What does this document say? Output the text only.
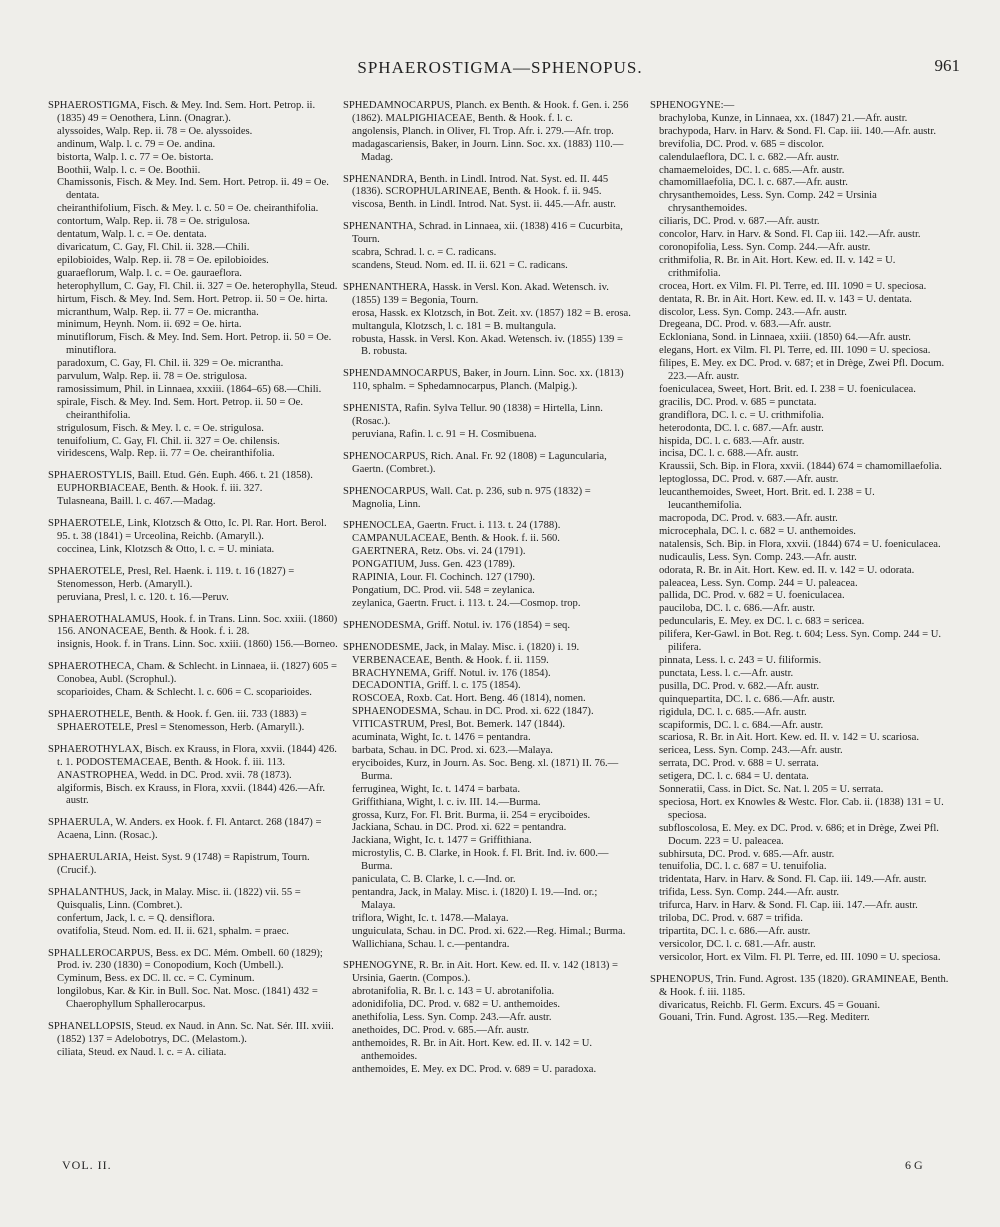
SPHAEROSTIGMA—SPHENOPUS.	961
SPHAEROSTIGMA, Fisch. & Mey. Ind. Sem. Hort. Petrop. ii. (1835) 49 = Oenothera, Linn. (Onagrar.).
alyssoides, Walp. Rep. ii. 78 = Oe. alyssoides.
andinum, Walp. l. c. 79 = Oe. andina.
bistorta, Walp. l. c. 77 = Oe. bistorta.
Boothii, Walp. l. c. = Oe. Boothii.
Chamissonis, Fisch. & Mey. Ind. Sem. Hort. Petrop. ii. 49 = Oe. dentata.
cheiranthifolium, Fisch. & Mey. l. c. 50 = Oe. cheiranthifolia.
contortum, Walp. Rep. ii. 78 = Oe. strigulosa.
dentatum, Walp. l. c. = Oe. dentata.
divaricatum, C. Gay, Fl. Chil. ii. 328.—Chili.
epilobioides, Walp. Rep. ii. 78 = Oe. epilobioides.
guaraeflorum, Walp. l. c. = Oe. gauraeflora.
heterophyllum, C. Gay, Fl. Chil. ii. 327 = Oe. heterophylla, Steud.
hirtum, Fisch. & Mey. Ind. Sem. Hort. Petrop. ii. 50 = Oe. hirta.
micranthum, Walp. Rep. ii. 77 = Oe. micrantha.
minimum, Heynh. Nom. ii. 692 = Oe. hirta.
minutiflorum, Fisch. & Mey. Ind. Sem. Hort. Petrop. ii. 50 = Oe. minutiflora.
paradoxum, C. Gay, Fl. Chil. ii. 329 = Oe. micrantha.
parvulum, Walp. Rep. ii. 78 = Oe. strigulosa.
ramosissimum, Phil. in Linnaea, xxxiii. (1864–65) 68.—Chili.
spirale, Fisch. & Mey. Ind. Sem. Hort. Petrop. ii. 50 = Oe. cheiranthifolia.
strigulosum, Fisch. & Mey. l. c. = Oe. strigulosa.
tenuifolium, C. Gay, Fl. Chil. ii. 327 = Oe. chilensis.
viridescens, Walp. Rep. ii. 77 = Oe. cheiranthifolia.
SPHAEROSTYLIS, Baill. Etud. Gén. Euph. 466. t. 21 (1858). EUPHORBIACEAE, Benth. & Hook. f. iii. 327.
Tulasneana, Baill. l. c. 467.—Madag.
SPHAEROTELE, Link, Klotzsch & Otto, Ic. Pl. Rar. Hort. Berol. 95. t. 38 (1841) = Urceolina, Reichb. (Amaryll.).
coccinea, Link, Klotzsch & Otto, l. c. = U. miniata.
SPHAEROTELE, Presl, Rel. Haenk. i. 119. t. 16 (1827) = Stenomesson, Herb. (Amaryll.).
peruviana, Presl, l. c. 120. t. 16.—Peruv.
SPHAEROTHALAMUS, Hook. f. in Trans. Linn. Soc. xxiii. (1860) 156. ANONACEAE, Benth. & Hook. f. i. 28.
insignis, Hook. f. in Trans. Linn. Soc. xxiii. (1860) 156.—Borneo.
SPHAEROTHECA, Cham. & Schlecht. in Linnaea, ii. (1827) 605 = Conobea, Aubl. (Scrophul.).
scoparioides, Cham. & Schlecht. l. c. 606 = C. scoparioides.
SPHAEROTHELE, Benth. & Hook. f. Gen. iii. 733 (1883) = SPHAEROTELE, Presl = Stenomesson, Herb. (Amaryll.).
SPHAEROTHYLAX, Bisch. ex Krauss, in Flora, xxvii. (1844) 426. t. 1. PODOSTEMACEAE, Benth. & Hook. f. iii. 113.
ANASTROPHEA, Wedd. in DC. Prod. xvii. 78 (1873).
algiformis, Bisch. ex Krauss, in Flora, xxvii. (1844) 426.—Afr. austr.
SPHAERULA, W. Anders. ex Hook. f. Fl. Antarct. 268 (1847) = Acaena, Linn. (Rosac.).
SPHAERULARIA, Heist. Syst. 9 (1748) = Rapistrum, Tourn. (Crucif.).
SPHALANTHUS, Jack, in Malay. Misc. ii. (1822) vii. 55 = Quisqualis, Linn. (Combret.).
confertum, Jack, l. c. = Q. densiflora.
ovatifolia, Steud. Nom. ed. II. ii. 621, sphalm. = praec.
SPHALLEROCARPUS, Bess. ex DC. Mém. Ombell. 60 (1829); Prod. iv. 230 (1830) = Conopodium, Koch (Umbell.).
Cyminum, Bess. ex DC. ll. cc. = C. Cyminum.
longilobus, Kar. & Kir. in Bull. Soc. Nat. Mosc. (1841) 432 = Chaerophyllum Sphallerocarpus.
SPHANELLOPSIS, Steud. ex Naud. in Ann. Sc. Nat. Sér. III. xviii. (1852) 137 = Adelobotrys, DC. (Melastom.).
ciliata, Steud. ex Naud. l. c. = A. ciliata.
SPHEDAMNOCARPUS, Planch. ex Benth. & Hook. f. Gen. i. 256 (1862). MALPIGHIACEAE, Benth. & Hook. f. l. c.
angolensis, Planch. in Oliver, Fl. Trop. Afr. i. 279.—Afr. trop.
madagascariensis, Baker, in Journ. Linn. Soc. xx. (1883) 110.—Madag.
SPHENANDRA, Benth. in Lindl. Introd. Nat. Syst. ed. II. 445 (1836). SCROPHULARINEAE, Benth. & Hook. f. ii. 945.
viscosa, Benth. in Lindl. Introd. Nat. Syst. ii. 445.—Afr. austr.
SPHENANTHA, Schrad. in Linnaea, xii. (1838) 416 = Cucurbita, Tourn.
scabra, Schrad. l. c. = C. radicans.
scandens, Steud. Nom. ed. II. ii. 621 = C. radicans.
SPHENANTHERA, Hassk. in Versl. Kon. Akad. Wetensch. iv. (1855) 139 = Begonia, Tourn.
erosa, Hassk. ex Klotzsch, in Bot. Zeit. xv. (1857) 182 = B. erosa.
multangula, Klotzsch, l. c. 181 = B. multangula.
robusta, Hassk. in Versl. Kon. Akad. Wetensch. iv. (1855) 139 = B. robusta.
SPHENDAMNOCARPUS, Baker, in Journ. Linn. Soc. xx. (1813) 110, sphalm. = Sphedamnocarpus, Planch. (Malpig.).
SPHENISTA, Rafin. Sylva Tellur. 90 (1838) = Hirtella, Linn. (Rosac.).
peruviana, Rafin. l. c. 91 = H. Cosmibuena.
SPHENOCARPUS, Rich. Anal. Fr. 92 (1808) = Laguncularia, Gaertn. (Combret.).
SPHENOCARPUS, Wall. Cat. p. 236, sub n. 975 (1832) = Magnolia, Linn.
SPHENOCLEA, Gaertn. Fruct. i. 113. t. 24 (1788). CAMPANULACEAE, Benth. & Hook. f. ii. 560.
GAERTNERA, Retz. Obs. vi. 24 (1791).
PONGATIUM, Juss. Gen. 423 (1789).
RAPINIA, Lour. Fl. Cochinch. 127 (1790).
Pongatium, DC. Prod. vii. 548 = zeylanica.
zeylanica, Gaertn. Fruct. i. 113. t. 24.—Cosmop. trop.
SPHENODESMA, Griff. Notul. iv. 176 (1854) = seq.
SPHENODESME, Jack, in Malay. Misc. i. (1820) i. 19. VERBENACEAE, Benth. & Hook. f. ii. 1159.
BRACHYNEMA, Griff. Notul. iv. 176 (1854).
DECADONTIA, Griff. l. c. 175 (1854).
ROSCOEA, Roxb. Cat. Hort. Beng. 46 (1814), nomen.
SPHAENODESMA, Schau. in DC. Prod. xi. 622 (1847).
VITICASTRUM, Presl, Bot. Bemerk. 147 (1844).
acuminata, Wight, Ic. t. 1476 = pentandra.
barbata, Schau. in DC. Prod. xi. 623.—Malaya.
eryciboides, Kurz, in Journ. As. Soc. Beng. xl. (1871) II. 76.—Burma.
ferruginea, Wight, Ic. t. 1474 = barbata.
Griffithiana, Wight, l. c. iv. III. 14.—Burma.
grossa, Kurz, For. Fl. Brit. Burma, ii. 254 = eryciboides.
Jackiana, Schau. in DC. Prod. xi. 622 = pentandra.
Jackiana, Wight, Ic. t. 1477 = Griffithiana.
microstylis, C. B. Clarke, in Hook. f. Fl. Brit. Ind. iv. 600.—Burma.
paniculata, C. B. Clarke, l. c.—Ind. or.
pentandra, Jack, in Malay. Misc. i. (1820) I. 19.—Ind. or.; Malaya.
triflora, Wight, Ic. t. 1478.—Malaya.
unguiculata, Schau. in DC. Prod. xi. 622.—Reg. Himal.; Burma.
Wallichiana, Schau. l. c.—pentandra.
SPHENOGYNE, R. Br. in Ait. Hort. Kew. ed. II. v. 142 (1813) = Ursinia, Gaertn. (Compos.).
abrotanifolia, R. Br. l. c. 143 = U. abrotanifolia.
adonidifolia, DC. Prod. v. 682 = U. anthemoides.
anethifolia, Less. Syn. Comp. 243.—Afr. austr.
anethoides, DC. Prod. v. 685.—Afr. austr.
anthemoides, R. Br. in Ait. Hort. Kew. ed. II. v. 142 = U. anthemoides.
anthemoides, E. Mey. ex DC. Prod. v. 689 = U. paradoxa.
SPHENOGYNE:—
brachyloba, Kunze, in Linnaea, xx. (1847) 21.—Afr. austr.
brachypoda, Harv. in Harv. & Sond. Fl. Cap. iii. 140.—Afr. austr.
brevifolia, DC. Prod. v. 685 = discolor.
calendulaeflora, DC. l. c. 682.—Afr. austr.
chamaemeloides, DC. l. c. 685.—Afr. austr.
chamomillaefolia, DC. l. c. 687.—Afr. austr.
chrysanthemoides, Less. Syn. Comp. 242 = Ursinia chrysanthemoides.
ciliaris, DC. Prod. v. 687.—Afr. austr.
concolor, Harv. in Harv. & Sond. Fl. Cap iii. 142.—Afr. austr.
coronopifolia, Less. Syn. Comp. 244.—Afr. austr.
crithmifolia, R. Br. in Ait. Hort. Kew. ed. II. v. 142 = U. crithmifolia.
crocea, Hort. ex Vilm. Fl. Pl. Terre, ed. III. 1090 = U. speciosa.
dentata, R. Br. in Ait. Hort. Kew. ed. II. v. 143 = U. dentata.
discolor, Less. Syn. Comp. 243.—Afr. austr.
Dregeana, DC. Prod. v. 683.—Afr. austr.
Eckloniana, Sond. in Linnaea, xxiii. (1850) 64.—Afr. austr.
elegans, Hort. ex Vilm. Fl. Pl. Terre, ed. III. 1090 = U. speciosa.
filipes, E. Mey. ex DC. Prod. v. 687; et in Drège, Zwei Pfl. Docum. 223.—Afr. austr.
foeniculacea, Sweet, Hort. Brit. ed. I. 238 = U. foeniculacea.
gracilis, DC. Prod. v. 685 = punctata.
grandiflora, DC. l. c. = U. crithmifolia.
heterodonta, DC. l. c. 687.—Afr. austr.
hispida, DC. l. c. 683.—Afr. austr.
incisa, DC. l. c. 688.—Afr. austr.
Kraussii, Sch. Bip. in Flora, xxvii. (1844) 674 = chamomillaefolia.
leptoglossa, DC. Prod. v. 687.—Afr. austr.
leucanthemoides, Sweet, Hort. Brit. ed. I. 238 = U. leucanthemifolia.
macropoda, DC. Prod. v. 683.—Afr. austr.
microcephala, DC. l. c. 682 = U. anthemoides.
natalensis, Sch. Bip. in Flora, xxvii. (1844) 674 = U. foeniculacea.
nudicaulis, Less. Syn. Comp. 243.—Afr. austr.
odorata, R. Br. in Ait. Hort. Kew. ed. II. v. 142 = U. odorata.
paleacea, Less. Syn. Comp. 244 = U. paleacea.
pallida, DC. Prod. v. 682 = U. foeniculacea.
pauciloba, DC. l. c. 686.—Afr. austr.
peduncularis, E. Mey. ex DC. l. c. 683 = sericea.
pilifera, Ker-Gawl. in Bot. Reg. t. 604; Less. Syn. Comp. 244 = U. pilifera.
pinnata, Less. l. c. 243 = U. filiformis.
punctata, Less. l. c.—Afr. austr.
pusilla, DC. Prod. v. 682.—Afr. austr.
quinquepartita, DC. l. c. 686.—Afr. austr.
rigidula, DC. l. c. 685.—Afr. austr.
scapiformis, DC. l. c. 684.—Afr. austr.
scariosa, R. Br. in Ait. Hort. Kew. ed. II. v. 142 = U. scariosa.
sericea, Less. Syn. Comp. 243.—Afr. austr.
serrata, DC. Prod. v. 688 = U. serrata.
setigera, DC. l. c. 684 = U. dentata.
Sonneratii, Cass. in Dict. Sc. Nat. l. 205 = U. serrata.
speciosa, Hort. ex Knowles & Westc. Flor. Cab. ii. (1838) 131 = U. speciosa.
subfloscolosa, E. Mey. ex DC. Prod. v. 686; et in Drège, Zwei Pfl. Docum. 223 = U. paleacea.
subhirsuta, DC. Prod. v. 685.—Afr. austr.
tenuifolia, DC. l. c. 687 = U. tenuifolia.
tridentata, Harv. in Harv. & Sond. Fl. Cap. iii. 149.—Afr. austr.
trifida, Less. Syn. Comp. 244.—Afr. austr.
trifurca, Harv. in Harv. & Sond. Fl. Cap. iii. 147.—Afr. austr.
triloba, DC. Prod. v. 687 = trifida.
tripartita, DC. l. c. 686.—Afr. austr.
versicolor, DC. l. c. 681.—Afr. austr.
versicolor, Hort. ex Vilm. Fl. Pl. Terre, ed. III. 1090 = U. speciosa.
SPHENOPUS, Trin. Fund. Agrost. 135 (1820). GRAMINEAE, Benth. & Hook. f. iii. 1185.
divaricatus, Reichb. Fl. Germ. Excurs. 45 = Gouani.
Gouani, Trin. Fund. Agrost. 135.—Reg. Mediterr.
VOL. II.	6 G
